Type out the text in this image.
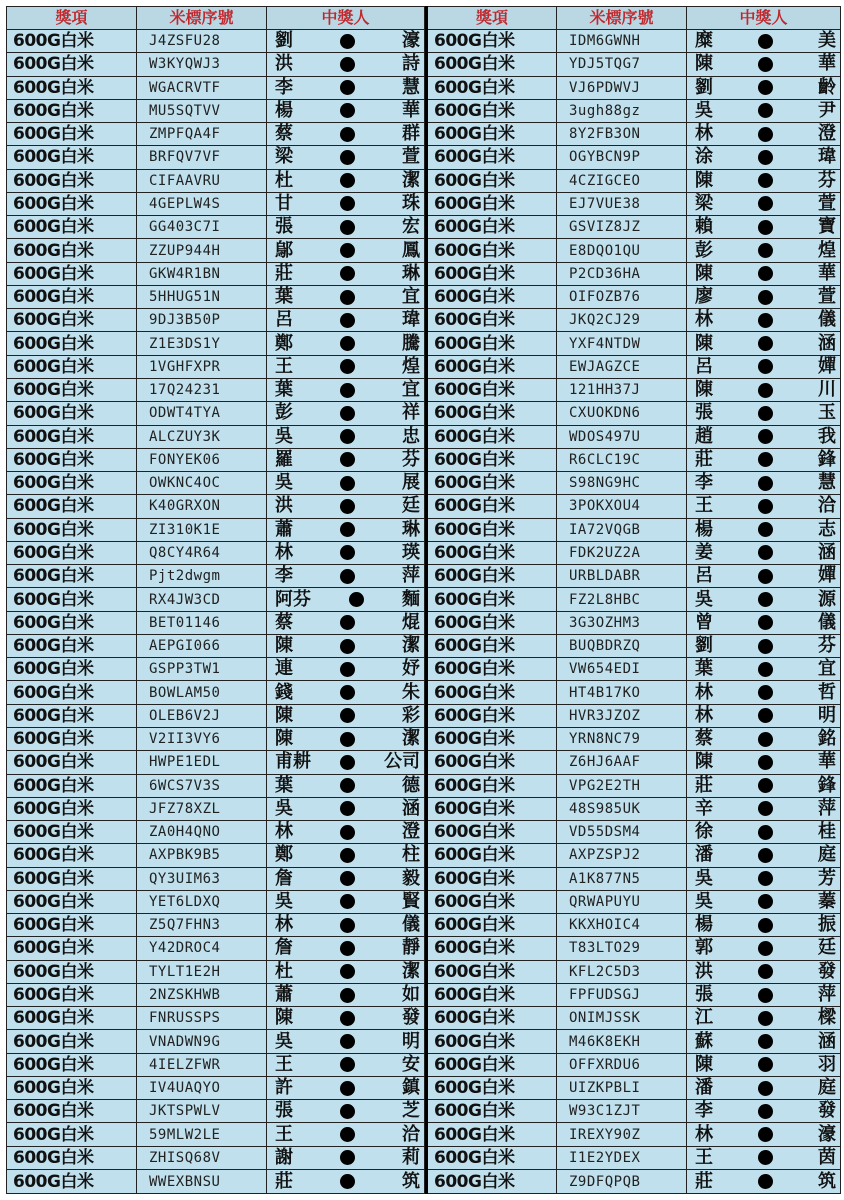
獎項	米標序號	中獎人
600G白米	J4ZSFU28	劉 濠

600G白米	W3KYQWJ3	洪 詩

600G白米	WGACRVTF	李 慧

600G白米	MU5SQTVV	楊 華

600G白米	ZMPFQA4F	蔡 群

600G白米	BRFQV7VF	梁 萱

600G白米	CIFAAVRU	杜 潔

600G白米	4GEPLW4S	甘 珠

600G白米	GG403C7I	張 宏

600G白米	ZZUP944H	鄔 鳳

600G白米	GKW4R1BN	莊 琳

600G白米	5HHUG51N	葉 宜

600G白米	9DJ3B50P	呂 瑋

600G白米	Z1E3DS1Y	鄭 騰

600G白米	1VGHFXPR	王 煌

600G白米	17Q24231	葉 宜

600G白米	ODWT4TYA	彭 祥

600G白米	ALCZUY3K	吳 忠

600G白米	FONYEK06	羅 芬

600G白米	OWKNC4OC	吳 展

600G白米	K40GRXON	洪 廷

600G白米	ZI310K1E	蕭 琳

600G白米	Q8CY4R64	林 瑛

600G白米	Pjt2dwgm	李 萍

600G白米	RX4JW3CD	阿芬 麵

600G白米	BET01146	蔡 焜

600G白米	AEPGI066	陳 潔

600G白米	GSPP3TW1	連 妤

600G白米	BOWLAM50	錢 朱

600G白米	OLEB6V2J	陳 彩

600G白米	V2II3VY6	陳 潔

600G白米	HWPE1EDL	甫耕 公司

600G白米	6WCS7V3S	葉 德

600G白米	JFZ78XZL	吳 涵

600G白米	ZA0H4QNO	林 澄

600G白米	AXPBK9B5	鄭 柱

600G白米	QY3UIM63	詹 毅

600G白米	YET6LDXQ	吳 賢

600G白米	Z5Q7FHN3	林 儀

600G白米	Y42DROC4	詹 靜

600G白米	TYLT1E2H	杜 潔

600G白米	2NZSKHWB	蕭 如

600G白米	FNRUSSPS	陳 發

600G白米	VNADWN9G	吳 明

600G白米	4IELZFWR	王 安

600G白米	IV4UAQYO	許 鎮

600G白米	JKTSPWLV	張 芝

600G白米	59MLW2LE	王 洽

600G白米	ZHISQ68V	謝 莉

600G白米	WWEXBNSU	莊 筑
獎項	米標序號	中獎人
600G白米	IDM6GWNH	糜 美

600G白米	YDJ5TQG7	陳 華

600G白米	VJ6PDWVJ	劉 齡

600G白米	3ugh88gz	吳 尹

600G白米	8Y2FB3ON	林 澄

600G白米	OGYBCN9P	涂 瑋

600G白米	4CZIGCEO	陳 芬

600G白米	EJ7VUE38	梁 萱

600G白米	GSVIZ8JZ	賴 寶

600G白米	E8DQO1QU	彭 煌

600G白米	P2CD36HA	陳 華

600G白米	OIFOZB76	廖 萱

600G白米	JKQ2CJ29	林 儀

600G白米	YXF4NTDW	陳 涵

600G白米	EWJAGZCE	呂 嬋

600G白米	121HH37J	陳 川

600G白米	CXUOKDN6	張 玉

600G白米	WDOS497U	趙 我

600G白米	R6CLC19C	莊 鋒

600G白米	S98NG9HC	李 慧

600G白米	3POKXOU4	王 洽

600G白米	IA72VQGB	楊 志

600G白米	FDK2UZ2A	姜 涵

600G白米	URBLDABR	呂 嬋

600G白米	FZ2L8HBC	吳 源

600G白米	3G3OZHM3	曾 儀

600G白米	BUQBDRZQ	劉 芬

600G白米	VW654EDI	葉 宜

600G白米	HT4B17KO	林 哲

600G白米	HVR3JZOZ	林 明

600G白米	YRN8NC79	蔡 銘

600G白米	Z6HJ6AAF	陳 華

600G白米	VPG2E2TH	莊 鋒

600G白米	48S985UK	辛 萍

600G白米	VD55DSM4	徐 桂

600G白米	AXPZSPJ2	潘 庭

600G白米	A1K877N5	吳 芳

600G白米	QRWAPUYU	吳 蓁

600G白米	KKXHOIC4	楊 振

600G白米	T83LTO29	郭 廷

600G白米	KFL2C5D3	洪 發

600G白米	FPFUDSGJ	張 萍

600G白米	ONIMJSSK	江 樑

600G白米	M46K8EKH	蘇 涵

600G白米	OFFXRDU6	陳 羽

600G白米	UIZKPBLI	潘 庭

600G白米	W93C1ZJT	李 發

600G白米	IREXY90Z	林 濠

600G白米	I1E2YDEX	王 茵

600G白米	Z9DFQPQB	莊 筑
